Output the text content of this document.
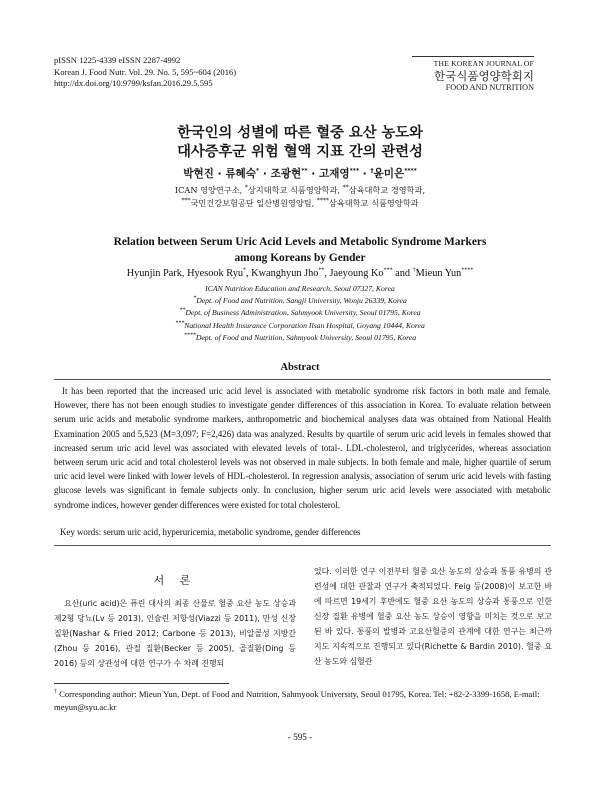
pISSN 1225-4339 eISSN 2287-4992
Korean J. Food Nutr. Vol. 29. No. 5, 595~604 (2016)
http://dx.doi.org/10.9799/ksfan.2016.29.5.595
THE KOREAN JOURNAL OF
한국식품영양학회지
FOOD AND NUTRITION
한국인의 성별에 따른 혈중 요산 농도와
대사증후군 위험 혈액 지표 간의 관련성
박현진 · 류혜숙* · 조광현** · 고재영*** · †윤미은****
ICAN 영양연구소, *상지대학교 식품영양학과, **삼육대학교 경영학과,
***국민건강보험공단 일산병원영양팀, ****삼육대학교 식품영양학과
Relation between Serum Uric Acid Levels and Metabolic Syndrome Markers
among Koreans by Gender
Hyunjin Park, Hyesook Ryu*, Kwanghyun Jho**, Jaeyoung Ko*** and †Mieun Yun****
ICAN Nutrition Education and Research, Seoul 07327, Korea
*Dept. of Food and Nutrition, Sangji University, Wonju 26339, Korea
**Dept. of Business Administration, Sahmyook University, Seoul 01795, Korea
***National Health Insurance Corporation Ilsan Hospital, Goyang 10444, Korea
****Dept. of Food and Nutrition, Sahmyook University, Seoul 01795, Korea
Abstract

It has been reported that the increased uric acid level is associated with metabolic syndrome risk factors in both male and female. However, there has not been enough studies to investigate gender differences of this association in Korea. To evaluate relation between serum uric acids and metabolic syndrome markers, anthropometric and biochemical analyses data was obtained from National Health Examination 2005 and 5,523 (M=3,097; F=2,426) data was analyzed. Results by quartile of serum uric acid levels in females showed that increased serum uric acid level was associated with elevated levels of total-. LDL-cholesterol, and triglycerides, whereas association between serum uric acid and total cholesterol levels was not observed in male subjects. In both female and male, higher quartile of serum uric acid level were linked with lower levels of HDL-cholesterol. In regression analysis, association of serum uric acid levels with fasting glucose levels was significant in female subjects only. In conclusion, higher serum uric acid levels were associated with metabolic syndrome indices, however gender differences were existed for total cholesterol.

Key words: serum uric acid, hyperuricemia, metabolic syndrome, gender differences
서 론

요산(uric acid)은 퓨린 대사의 최종 산물로 혈중 요산 농도 상승과 제2형 당뇨(Lv 등 2013), 인슐린 저항성(Viazzi 등 2011), 만성 신장질환(Nashar & Fried 2012; Carbone 등 2013), 비알콜성 지방간(Zhou 등 2016), 관절 질환(Becker 등 2005), 골질환(Ding 등 2016) 등의 상관성에 대한 연구가 수 차례 진행되

었다. 이러한 연구 이전부터 혈중 요산 농도의 상승과 통풍 유병의 관련성에 대한 관찰과 연구가 축적되었다. Feig 등(2008)이 보고한 바에 따르면 19세기 후반에도 혈중 요산 농도의 상승과 통풍으로 인한 신장 질환 유병에 혈중 요산 농도 상승이 영향을 미치는 것으로 보고된 바 있다. 통풍의 발병과 고요산혈증의 관계에 대한 연구는 최근까지도 지속적으로 진행되고 있다(Richette & Bardin 2010). 혈중 요산 농도와 심혈관

† Corresponding author: Mieun Yun, Dept. of Food and Nutrition, Sahmyook University, Seoul 01795, Korea. Tel: +82-2-3399-1658, E-mail: meyun@syu.ac.kr

- 595 -
